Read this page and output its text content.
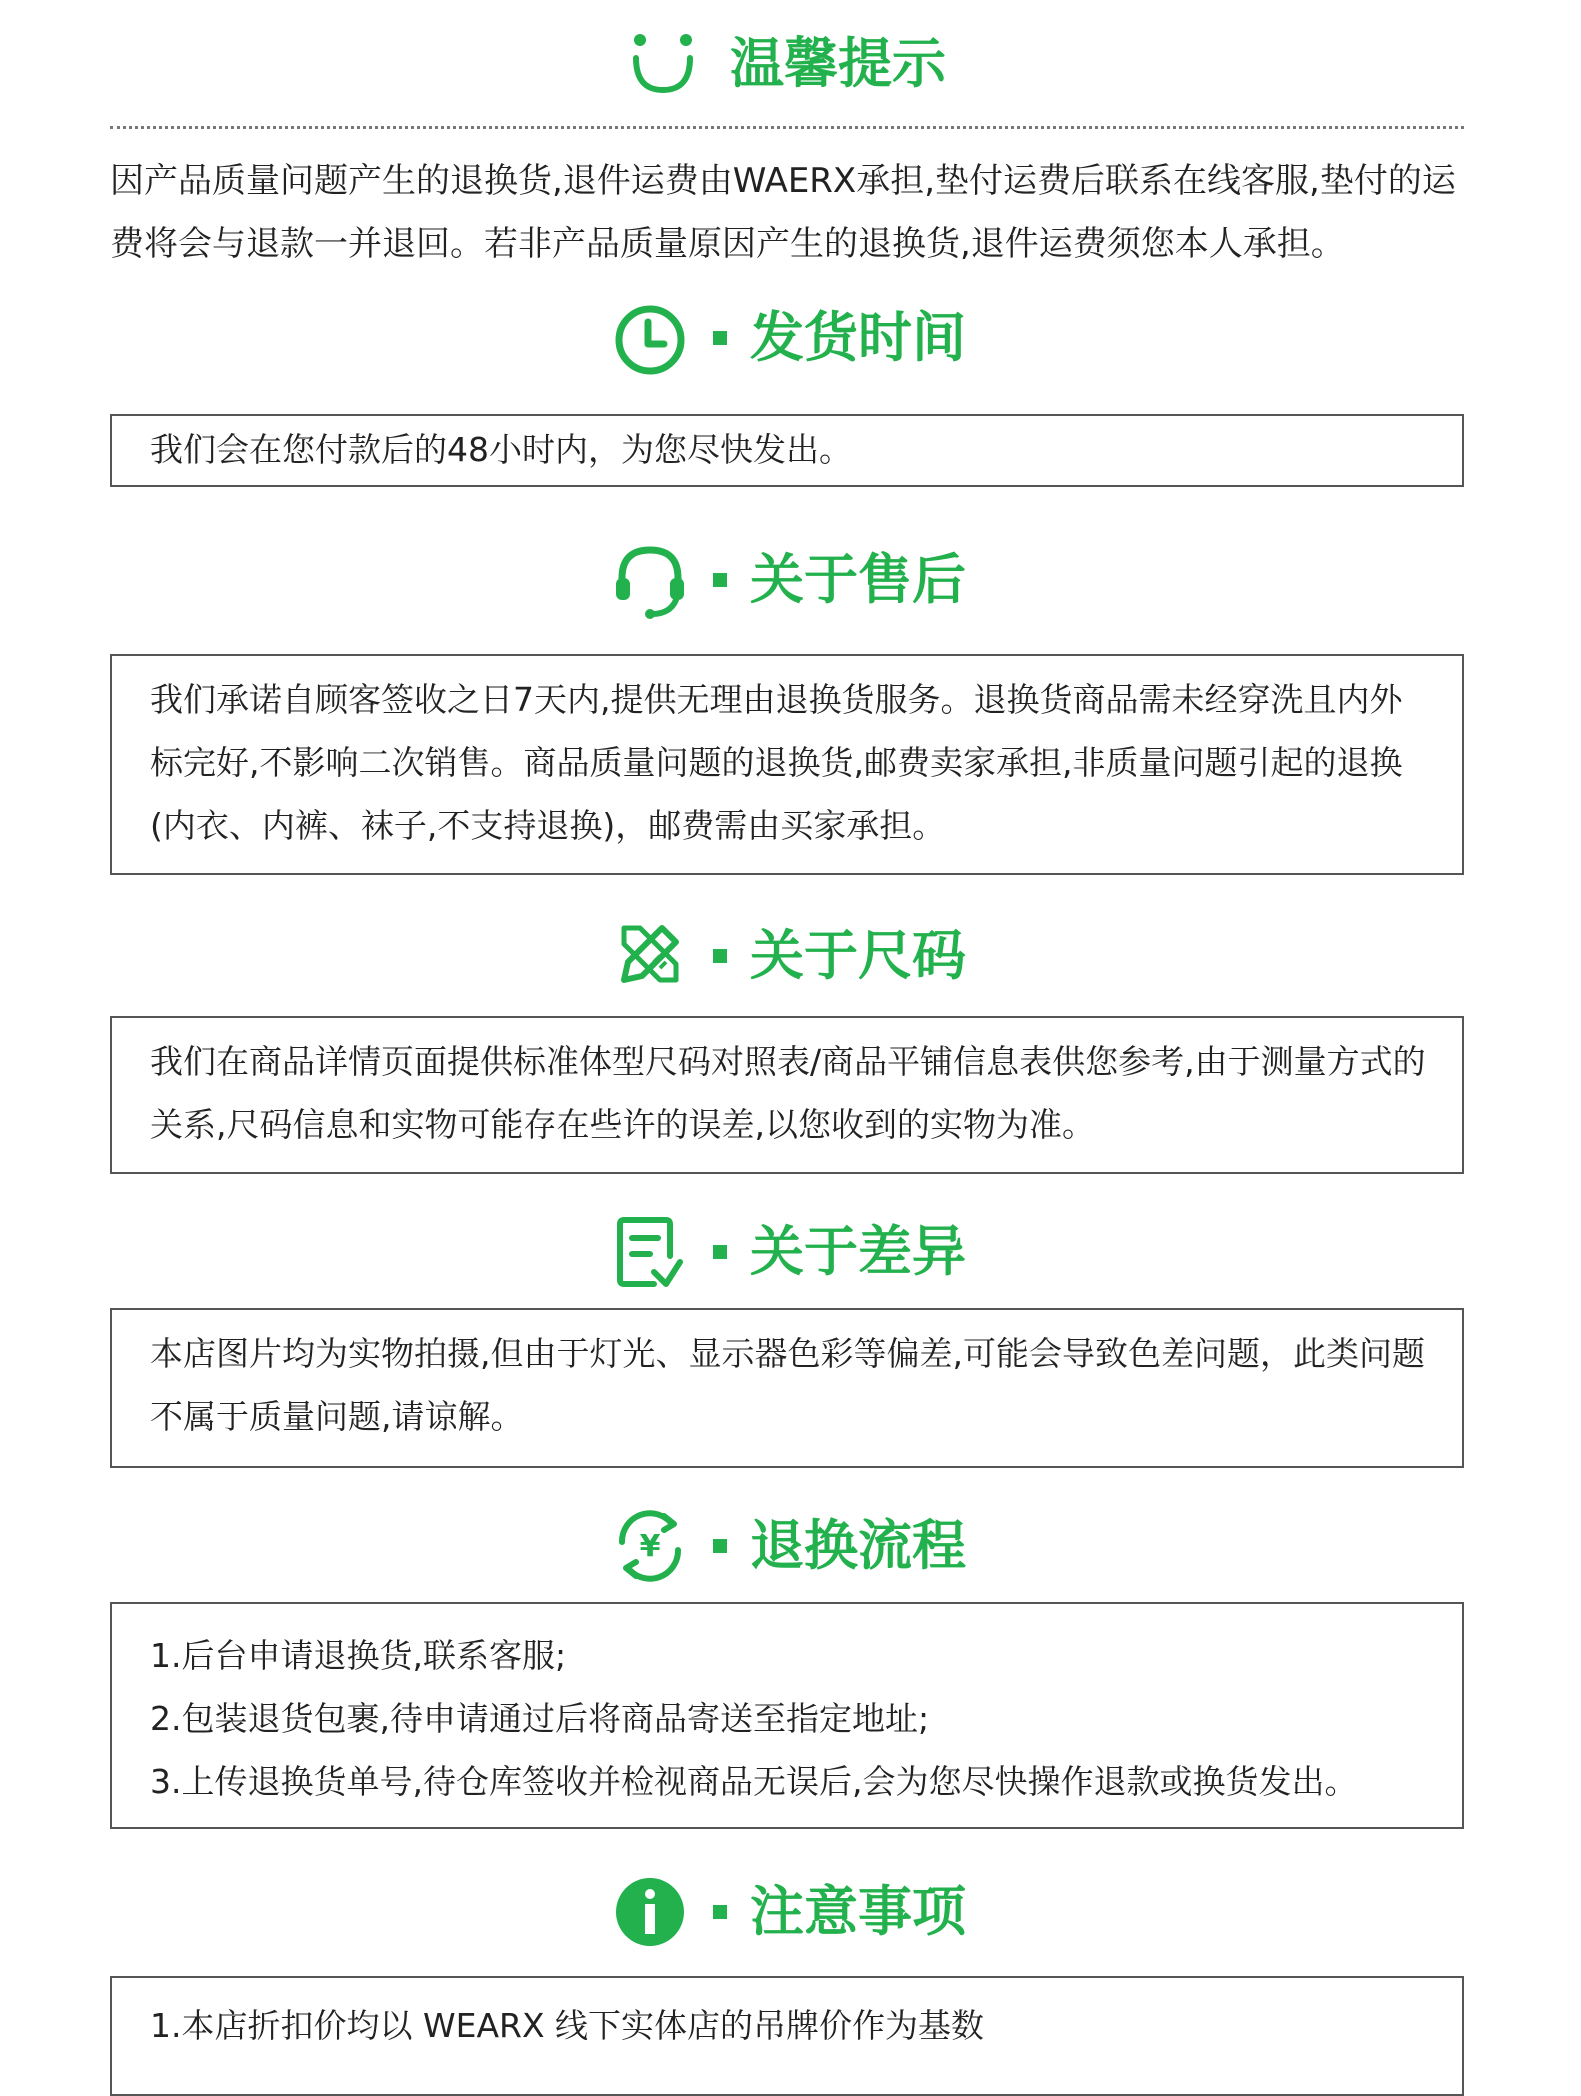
温馨提示

因产品质量问题产生的退换货,退件运费由WAERX承担,垫付运费后联系在线客服,垫付的运费将会与退款一并退回。若非产品质量原因产生的退换货,退件运费须您本人承担。

发货时间

我们会在您付款后的48小时内，为您尽快发出。

关于售后

我们承诺自顾客签收之日7天内,提供无理由退换货服务。退换货商品需未经穿洗且内外标完好,不影响二次销售。商品质量问题的退换货,邮费卖家承担,非质量问题引起的退换(内衣、内裤、袜子,不支持退换)，邮费需由买家承担。

关于尺码

我们在商品详情页面提供标准体型尺码对照表/商品平铺信息表供您参考,由于测量方式的关系,尺码信息和实物可能存在些许的误差,以您收到的实物为准。

关于差异

本店图片均为实物拍摄,但由于灯光、显示器色彩等偏差,可能会导致色差问题，此类问题不属于质量问题,请谅解。

¥ 退换流程
1.后台申请退换货,联系客服;
2.包装退货包裹,待申请通过后将商品寄送至指定地址;
3.上传退换货单号,待仓库签收并检视商品无误后,会为您尽快操作退款或换货发出。
注意事项

1.本店折扣价均以 WEARX 线下实体店的吊牌价作为基数
